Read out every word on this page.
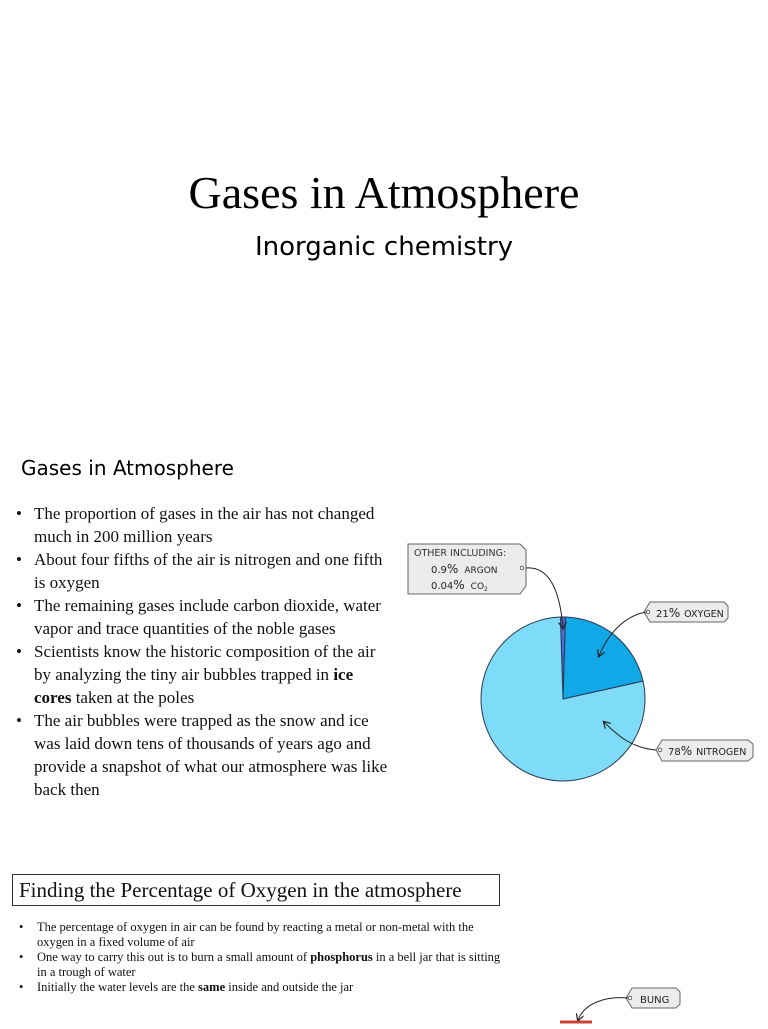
Gases in Atmosphere
Inorganic chemistry
Gases in Atmosphere
• The proportion of gases in the air has not changed much in 200 million years
• About four fifths of the air is nitrogen and one fifth is oxygen
• The remaining gases include carbon dioxide, water vapor and trace quantities of the noble gases
• Scientists know the historic composition of the air by analyzing the tiny air bubbles trapped in ice cores taken at the poles
• The air bubbles were trapped as the snow and ice was laid down tens of thousands of years ago and provide a snapshot of what our atmosphere was like back then
OTHER INCLUDING:
0.9% ARGON
0.04% $CO_2$
21% OXYGEN
78% NITROGEN
Finding the Percentage of Oxygen in the atmosphere
• The percentage of oxygen in air can be found by reacting a metal or non-metal with the oxygen in a fixed volume of air
• One way to carry this out is to burn a small amount of phosphorus in a bell jar that is sitting in a trough of water
• Initially the water levels are the same inside and outside the jar
BUNG
